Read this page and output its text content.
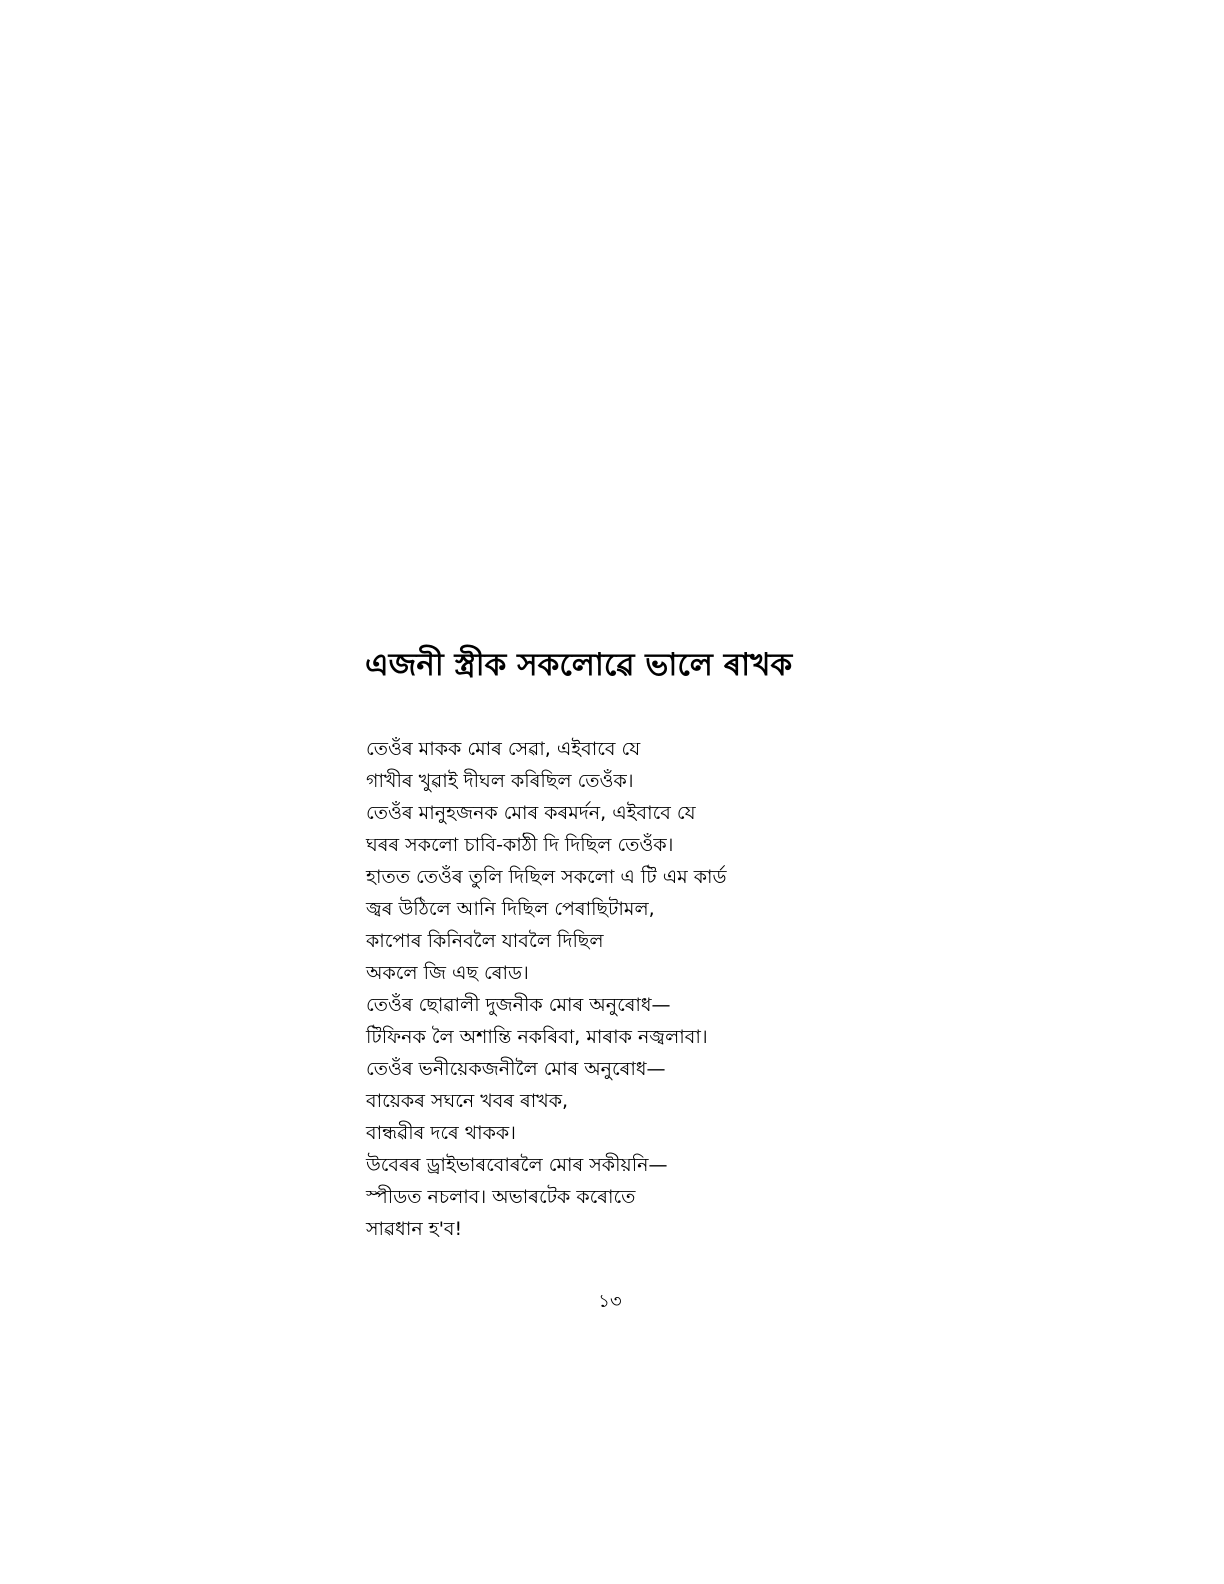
এজনী স্ত্ৰীক সকলোৱে ভালে ৰাখক
তেওঁৰ মাকক মোৰ সেৱা, এইবাবে যে
গাখীৰ খুৱাই দীঘল কৰিছিল তেওঁক।
তেওঁৰ মানুহজনক মোৰ কৰমৰ্দন, এইবাবে যে
ঘৰৰ সকলো চাবি-কাঠী দি দিছিল তেওঁক।
হাতত তেওঁৰ তুলি দিছিল সকলো এ টি এম কাৰ্ড
জ্বৰ উঠিলে আনি দিছিল পেৰাছিটামল,
কাপোৰ কিনিবলৈ যাবলৈ দিছিল
অকলে জি এছ ৰোড।
তেওঁৰ ছোৱালী দুজনীক মোৰ অনুৰোধ—
টিফিনক লৈ অশান্তি নকৰিবা, মাৰাক নজ্বলাবা।
তেওঁৰ ভনীয়েকজনীলৈ মোৰ অনুৰোধ—
বায়েকৰ সঘনে খবৰ ৰাখক,
বান্ধৱীৰ দৰে থাকক।
উবেৰৰ ড্ৰাইভাৰবোৰলৈ মোৰ সকীয়নি—
স্পীডত নচলাব। অভাৰটেক কৰোতে
সাৱধান হ'ব!
১৩
